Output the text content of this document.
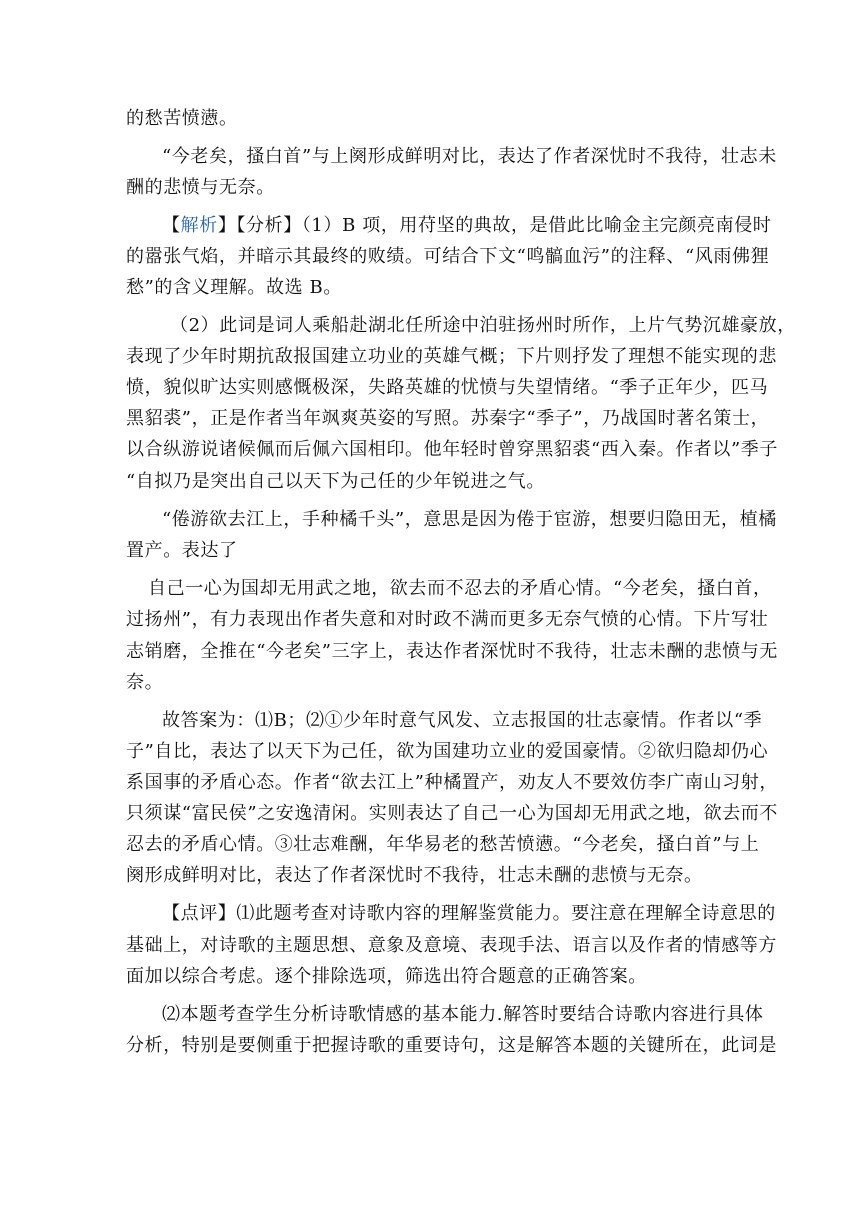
的愁苦愤懑。
“今老矣，搔白首”与上阕形成鲜明对比，表达了作者深忧时不我待，壮志未
酬的悲愤与无奈。
【解析】【分析】（1）B 项，用苻坚的典故，是借此比喻金主完颜亮南侵时
的嚣张气焰，并暗示其最终的败绩。可结合下文“鸣髇血污”的注释、“风雨佛狸
愁”的含义理解。故选 B。
（2）此词是词人乘船赴湖北任所途中泊驻扬州时所作，上片气势沉雄豪放，
表现了少年时期抗敌报国建立功业的英雄气概；下片则抒发了理想不能实现的悲
愤，貌似旷达实则感慨极深，失路英雄的忧愤与失望情绪。“季子正年少，匹马
黑貂裘”，正是作者当年飒爽英姿的写照。苏秦字“季子”，乃战国时著名策士，
以合纵游说诸候佩而后佩六国相印。他年轻时曾穿黑貂裘“西入秦。作者以”季子
“自拟乃是突出自己以天下为己任的少年锐进之气。
“倦游欲去江上，手种橘千头”，意思是因为倦于宦游，想要归隐田无，植橘
置产。表达了
自己一心为国却无用武之地，欲去而不忍去的矛盾心情。“今老矣，搔白首，
过扬州”，有力表现出作者失意和对时政不满而更多无奈气愤的心情。下片写壮
志销磨，全推在“今老矣”三字上，表达作者深忧时不我待，壮志未酬的悲愤与无
奈。
故答案为：⑴B；⑵①少年时意气风发、立志报国的壮志豪情。作者以“季
子”自比，表达了以天下为己任，欲为国建功立业的爱国豪情。②欲归隐却仍心
系国事的矛盾心态。作者“欲去江上”种橘置产，劝友人不要效仿李广南山习射，
只须谋“富民侯”之安逸清闲。实则表达了自己一心为国却无用武之地，欲去而不
忍去的矛盾心情。③壮志难酬，年华易老的愁苦愤懑。“今老矣，搔白首”与上
阕形成鲜明对比，表达了作者深忧时不我待，壮志未酬的悲愤与无奈。
【点评】⑴此题考查对诗歌内容的理解鉴赏能力。要注意在理解全诗意思的
基础上，对诗歌的主题思想、意象及意境、表现手法、语言以及作者的情感等方
面加以综合考虑。逐个排除选项，筛选出符合题意的正确答案。
⑵本题考查学生分析诗歌情感的基本能力.解答时要结合诗歌内容进行具体
分析，特别是要侧重于把握诗歌的重要诗句，这是解答本题的关键所在，此词是
